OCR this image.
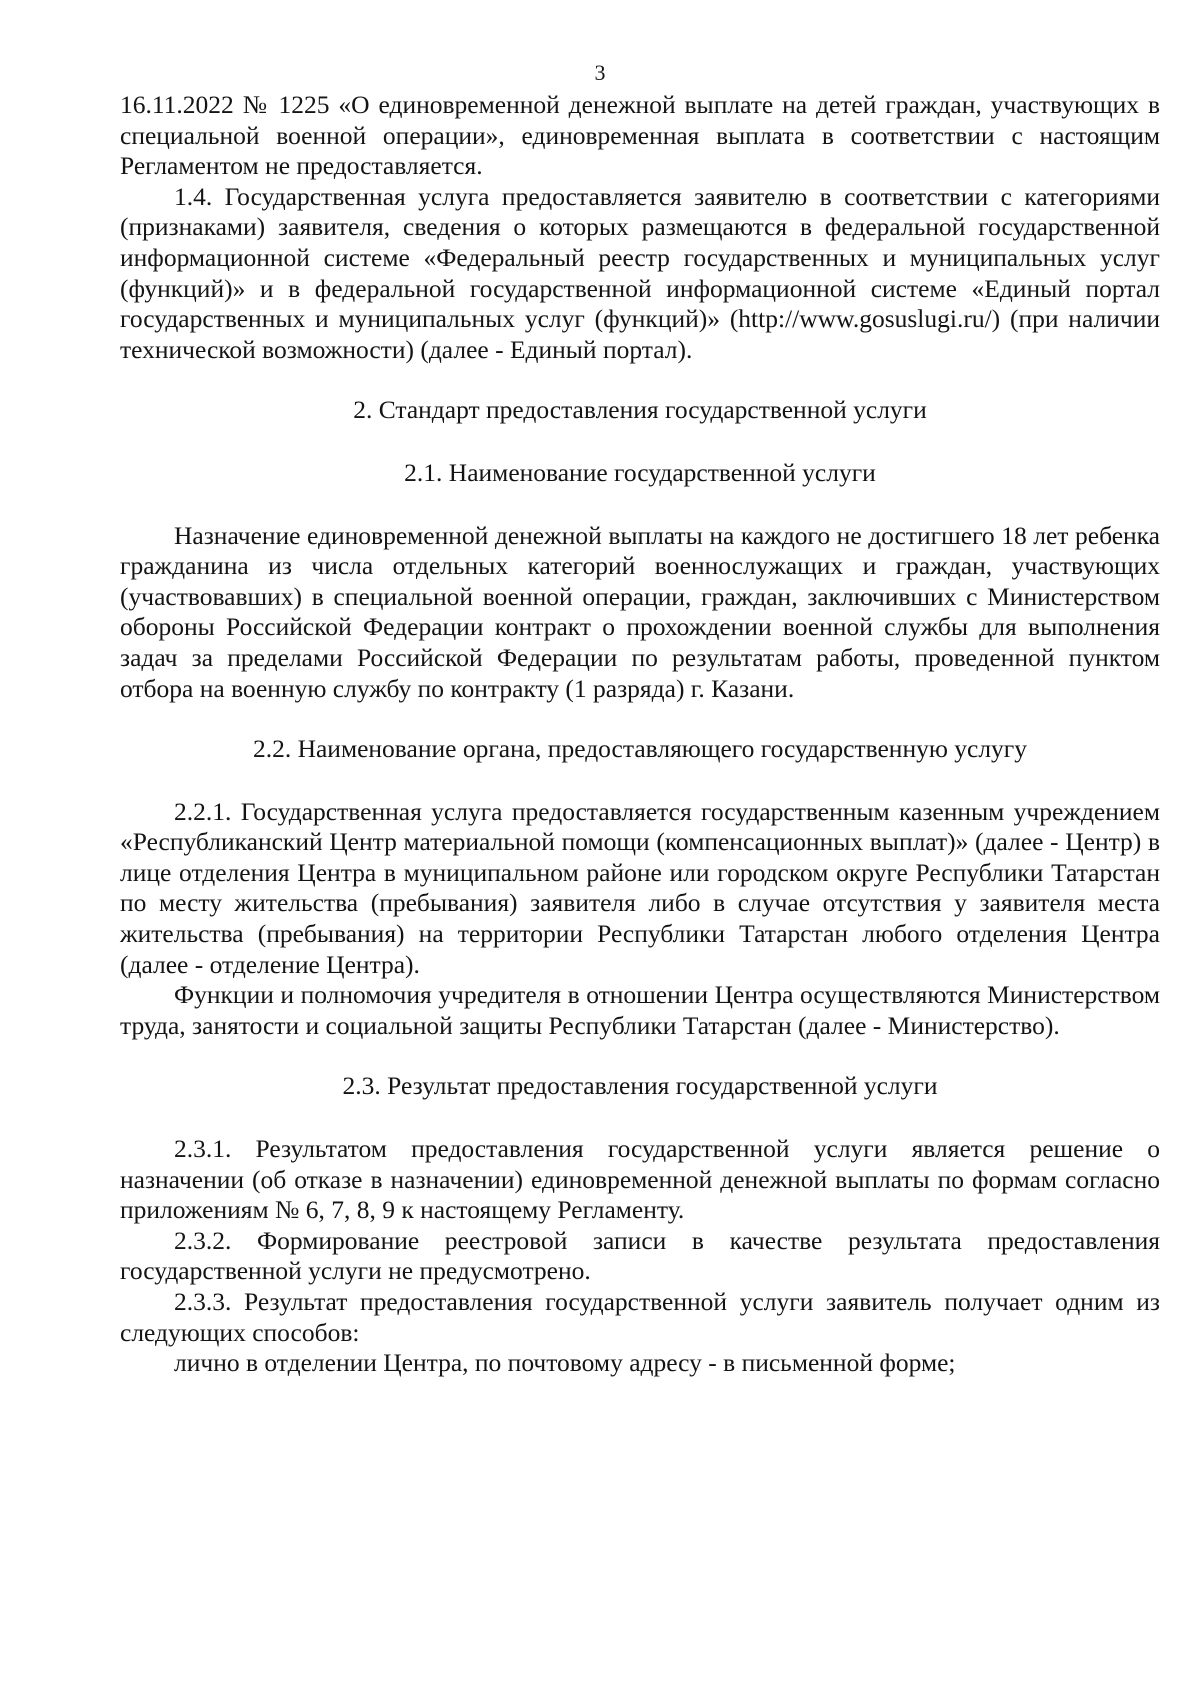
3

16.11.2022 № 1225 «О единовременной денежной выплате на детей граждан, участвующих в специальной военной операции», единовременная выплата в соответствии с настоящим Регламентом не предоставляется.

1.4. Государственная услуга предоставляется заявителю в соответствии с категориями (признаками) заявителя, сведения о которых размещаются в федеральной государственной информационной системе «Федеральный реестр государственных и муниципальных услуг (функций)» и в федеральной государственной информационной системе «Единый портал государственных и муниципальных услуг (функций)» (http://www.gosuslugi.ru/) (при наличии технической возможности) (далее - Единый портал).

2. Стандарт предоставления государственной услуги

2.1. Наименование государственной услуги

Назначение единовременной денежной выплаты на каждого не достигшего 18 лет ребенка гражданина из числа отдельных категорий военнослужащих и граждан, участвующих (участвовавших) в специальной военной операции, граждан, заключивших с Министерством обороны Российской Федерации контракт о прохождении военной службы для выполнения задач за пределами Российской Федерации по результатам работы, проведенной пунктом отбора на военную службу по контракту (1 разряда) г. Казани.

2.2. Наименование органа, предоставляющего государственную услугу

2.2.1. Государственная услуга предоставляется государственным казенным учреждением «Республиканский Центр материальной помощи (компенсационных выплат)» (далее - Центр) в лице отделения Центра в муниципальном районе или городском округе Республики Татарстан по месту жительства (пребывания) заявителя либо в случае отсутствия у заявителя места жительства (пребывания) на территории Республики Татарстан любого отделения Центра (далее - отделение Центра).

Функции и полномочия учредителя в отношении Центра осуществляются Министерством труда, занятости и социальной защиты Республики Татарстан (далее - Министерство).

2.3. Результат предоставления государственной услуги

2.3.1. Результатом предоставления государственной услуги является решение о назначении (об отказе в назначении) единовременной денежной выплаты по формам согласно приложениям № 6, 7, 8, 9 к настоящему Регламенту.

2.3.2. Формирование реестровой записи в качестве результата предоставления государственной услуги не предусмотрено.

2.3.3. Результат предоставления государственной услуги заявитель получает одним из следующих способов:

лично в отделении Центра, по почтовому адресу - в письменной форме;
